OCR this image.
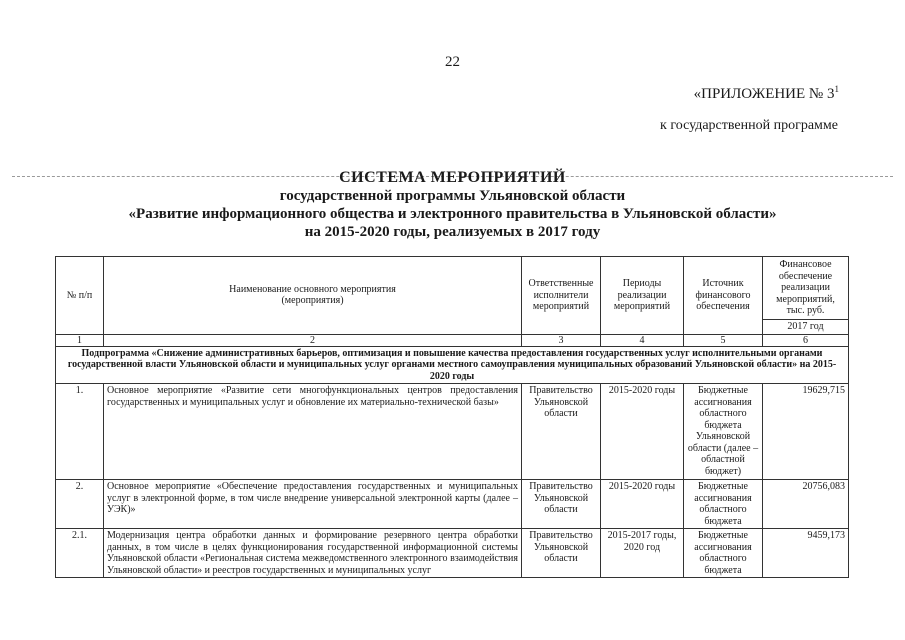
22
«ПРИЛОЖЕНИЕ № $3^1$
к государственной программе
СИСТЕМА МЕРОПРИЯТИЙ
государственной программы Ульяновской области
«Развитие информационного общества и электронного правительства в Ульяновской области»
на 2015-2020 годы, реализуемых в 2017 году
№ п/п	Наименование основного мероприятия (мероприятия)	Ответственные исполнители мероприятий	Периоды реализации мероприятий	Источник финансового обеспечения	Финансовое обеспечение реализации мероприятий, тыс. руб.
					2017 год
1	2	3	4	5	6
Подпрограмма «Снижение административных барьеров, оптимизация и повышение качества предоставления государственных услуг исполнительными органами государственной власти Ульяновской области и муниципальных услуг органами местного самоуправления муниципальных образований Ульяновской области» на 2015-2020 годы					
1.	Основное мероприятие «Развитие сети многофункциональных центров предоставления государственных и муниципальных услуг и обновление их материально-технической базы»	Правительство Ульяновской области	2015-2020 годы	Бюджетные ассигнования областного бюджета Ульяновской области (далее – областной бюджет)	19629,715
2.	Основное мероприятие «Обеспечение предоставления государственных и муниципальных услуг в электронной форме, в том числе внедрение универсальной электронной карты (далее – УЭК)»	Правительство Ульяновской области	2015-2020 годы	Бюджетные ассигнования областного бюджета	20756,083
2.1.	Модернизация центра обработки данных и формирование резервного центра обработки данных, в том числе в целях функционирования государственной информационной системы Ульяновской области «Региональная система межведомственного электронного взаимодействия Ульяновской области» и реестров государственных и муниципальных услуг	Правительство Ульяновской области	2015-2017 годы, 2020 год	Бюджетные ассигнования областного бюджета	9459,173
